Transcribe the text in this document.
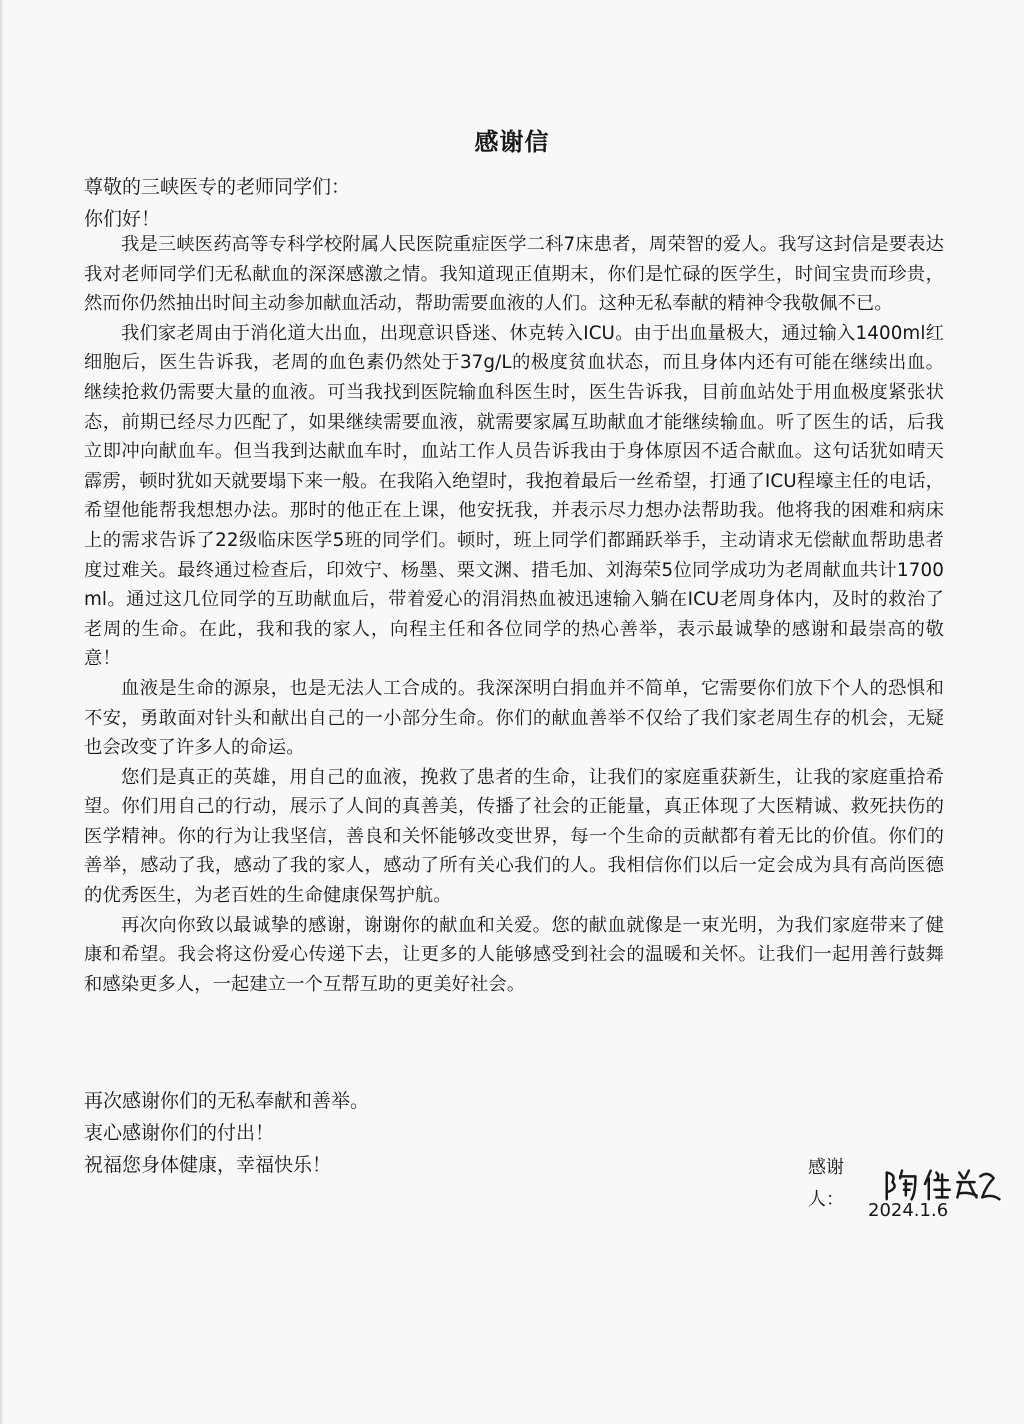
感谢信
尊敬的三峡医专的老师同学们：
你们好！

我是三峡医药高等专科学校附属人民医院重症医学二科7床患者，周荣智的爱人。我写这封信是要表达我对老师同学们无私献血的深深感激之情。我知道现正值期末，你们是忙碌的医学生，时间宝贵而珍贵，然而你仍然抽出时间主动参加献血活动，帮助需要血液的人们。这种无私奉献的精神令我敬佩不已。

我们家老周由于消化道大出血，出现意识昏迷、休克转入ICU。由于出血量极大，通过输入1400ml红细胞后，医生告诉我，老周的血色素仍然处于37g/L的极度贫血状态，而且身体内还有可能在继续出血。继续抢救仍需要大量的血液。可当我找到医院输血科医生时，医生告诉我，目前血站处于用血极度紧张状态，前期已经尽力匹配了，如果继续需要血液，就需要家属互助献血才能继续输血。听了医生的话，后我立即冲向献血车。但当我到达献血车时，血站工作人员告诉我由于身体原因不适合献血。这句话犹如晴天霹雳，顿时犹如天就要塌下来一般。在我陷入绝望时，我抱着最后一丝希望，打通了ICU程壕主任的电话，希望他能帮我想想办法。那时的他正在上课，他安抚我，并表示尽力想办法帮助我。他将我的困难和病床上的需求告诉了22级临床医学5班的同学们。顿时，班上同学们都踊跃举手，主动请求无偿献血帮助患者度过难关。最终通过检查后，印效宁、杨墨、栗文渊、措毛加、刘海荣5位同学成功为老周献血共计1700ml。通过这几位同学的互助献血后，带着爱心的涓涓热血被迅速输入躺在ICU老周身体内，及时的救治了老周的生命。在此，我和我的家人，向程主任和各位同学的热心善举，表示最诚挚的感谢和最崇高的敬意！

血液是生命的源泉，也是无法人工合成的。我深深明白捐血并不简单，它需要你们放下个人的恐惧和不安，勇敢面对针头和献出自己的一小部分生命。你们的献血善举不仅给了我们家老周生存的机会，无疑也会改变了许多人的命运。

您们是真正的英雄，用自己的血液，挽救了患者的生命，让我们的家庭重获新生，让我的家庭重拾希望。你们用自己的行动，展示了人间的真善美，传播了社会的正能量，真正体现了大医精诚、救死扶伤的医学精神。你的行为让我坚信，善良和关怀能够改变世界，每一个生命的贡献都有着无比的价值。你们的善举，感动了我，感动了我的家人，感动了所有关心我们的人。我相信你们以后一定会成为具有高尚医德的优秀医生，为老百姓的生命健康保驾护航。

再次向你致以最诚挚的感谢，谢谢你的献血和关爱。您的献血就像是一束光明，为我们家庭带来了健康和希望。我会将这份爱心传递下去，让更多的人能够感受到社会的温暖和关怀。让我们一起用善行鼓舞和感染更多人，一起建立一个互帮互助的更美好社会。

再次感谢你们的无私奉献和善举。
衷心感谢你们的付出！
祝福您身体健康，幸福快乐！	感谢人：
2024.1.6
